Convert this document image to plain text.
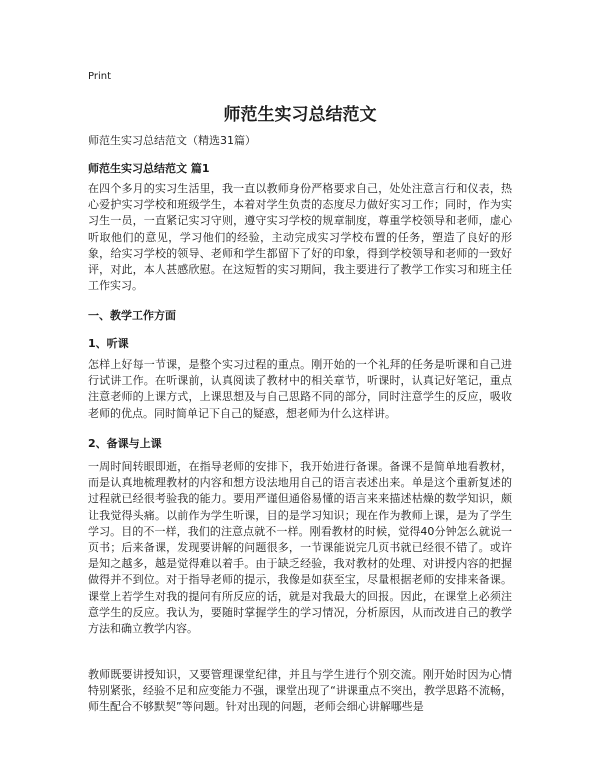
Print
师范生实习总结范文
师范生实习总结范文（精选31篇）
师范生实习总结范文 篇1

在四个多月的实习生活里，我一直以教师身份严格要求自己，处处注意言行和仪表，热心爱护实习学校和班级学生，本着对学生负责的态度尽力做好实习工作；同时，作为实习生一员，一直紧记实习守则，遵守实习学校的规章制度，尊重学校领导和老师，虚心听取他们的意见，学习他们的经验，主动完成实习学校布置的任务，塑造了良好的形象，给实习学校的领导、老师和学生都留下了好的印象，得到学校领导和老师的一致好评，对此，本人甚感欣慰。在这短暂的实习期间，我主要进行了教学工作实习和班主任工作实习。

一、教学工作方面
1、听课

怎样上好每一节课，是整个实习过程的重点。刚开始的一个礼拜的任务是听课和自己进行试讲工作。在听课前，认真阅读了教材中的相关章节，听课时，认真记好笔记，重点注意老师的上课方式，上课思想及与自己思路不同的部分，同时注意学生的反应，吸收老师的优点。同时简单记下自己的疑惑，想老师为什么这样讲。

2、备课与上课

一周时间转眼即逝，在指导老师的安排下，我开始进行备课。备课不是简单地看教材，而是认真地梳理教材的内容和想方设法地用自己的语言表述出来。单是这个重新复述的过程就已经很考验我的能力。要用严谨但通俗易懂的语言来来描述枯燥的数学知识，颇让我觉得头痛。以前作为学生听课，目的是学习知识；现在作为教师上课，是为了学生学习。目的不一样，我们的注意点就不一样。刚看教材的时候，觉得40分钟怎么就说一页书；后来备课，发现要讲解的问题很多，一节课能说完几页书就已经很不错了。或许是知之越多，越是觉得难以着手。由于缺乏经验，我对教材的处理、对讲授内容的把握做得并不到位。对于指导老师的提示，我像是如获至宝，尽量根据老师的安排来备课。课堂上若学生对我的提问有所反应的话，就是对我最大的回报。因此，在课堂上必须注意学生的反应。我认为，要随时掌握学生的学习情况，分析原因，从而改进自己的教学方法和确立教学内容。

教师既要讲授知识，又要管理课堂纪律，并且与学生进行个别交流。刚开始时因为心情特别紧张，经验不足和应变能力不强，课堂出现了“讲课重点不突出，教学思路不流畅，师生配合不够默契”等问题。针对出现的问题，老师会细心讲解哪些是
